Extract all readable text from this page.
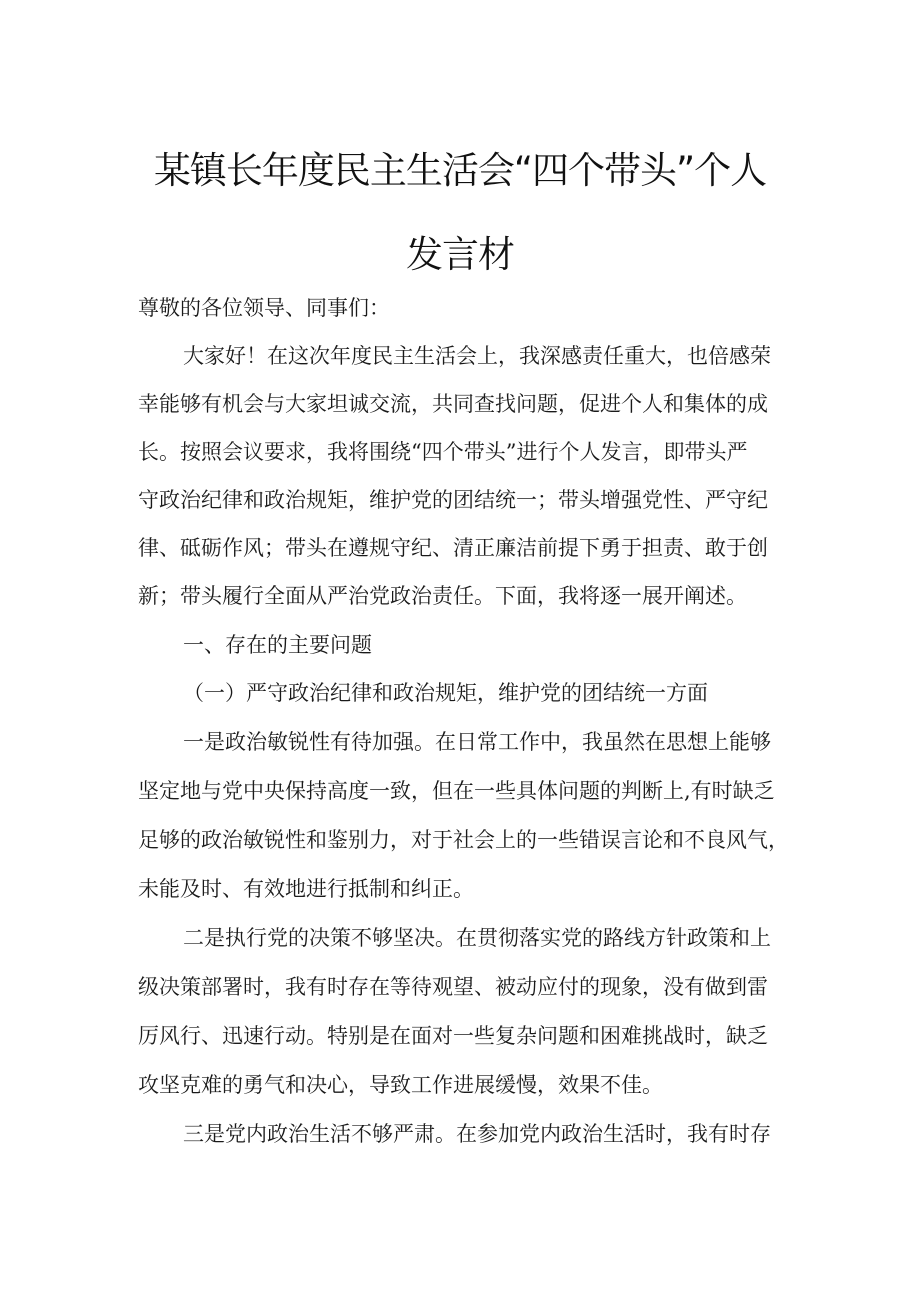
某镇长年度民主生活会“四个带头”个人
发言材

尊敬的各位领导、同事们：

大家好！在这次年度民主生活会上，我深感责任重大，也倍感荣

幸能够有机会与大家坦诚交流，共同查找问题，促进个人和集体的成

长。按照会议要求，我将围绕“四个带头”进行个人发言，即带头严

守政治纪律和政治规矩，维护党的团结统一；带头增强党性、严守纪

律、砥砺作风；带头在遵规守纪、清正廉洁前提下勇于担责、敢于创

新；带头履行全面从严治党政治责任。下面，我将逐一展开阐述。

一、存在的主要问题

（一）严守政治纪律和政治规矩，维护党的团结统一方面

一是政治敏锐性有待加强。在日常工作中，我虽然在思想上能够

坚定地与党中央保持高度一致，但在一些具体问题的判断上,有时缺乏

足够的政治敏锐性和鉴别力，对于社会上的一些错误言论和不良风气，

未能及时、有效地进行抵制和纠正。

二是执行党的决策不够坚决。在贯彻落实党的路线方针政策和上

级决策部署时，我有时存在等待观望、被动应付的现象，没有做到雷

厉风行、迅速行动。特别是在面对一些复杂问题和困难挑战时，缺乏

攻坚克难的勇气和决心，导致工作进展缓慢，效果不佳。

三是党内政治生活不够严肃。在参加党内政治生活时，我有时存
